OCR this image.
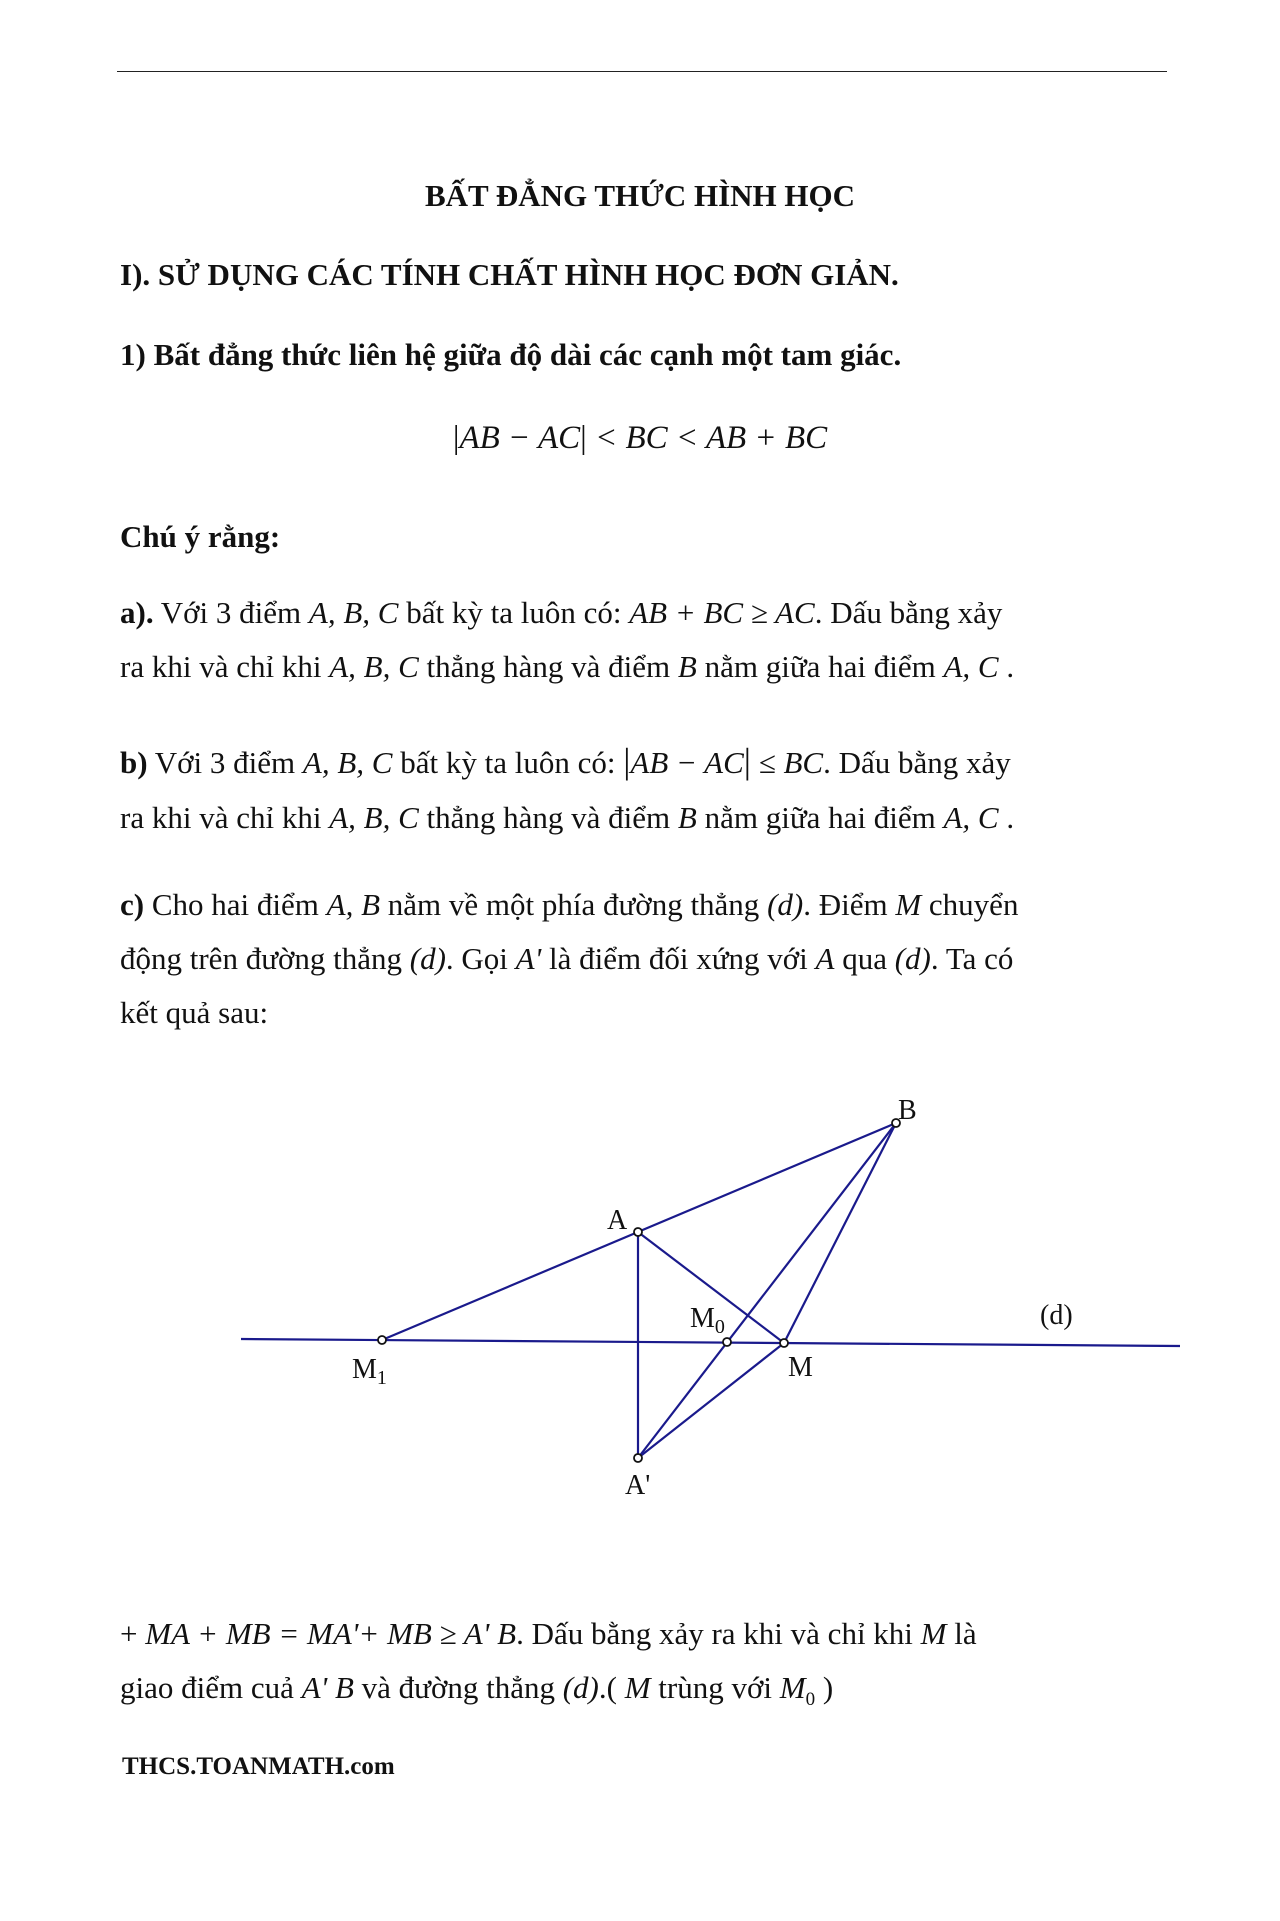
BẤT ĐẲNG THỨC HÌNH HỌC
I). SỬ DỤNG CÁC TÍNH CHẤT HÌNH HỌC ĐƠN GIẢN.
1) Bất đẳng thức liên hệ giữa độ dài các cạnh một tam giác.
|AB − AC| < BC < AB + BC
Chú ý rằng:
a). Với 3 điểm A, B, C bất kỳ ta luôn có: AB + BC ≥ AC. Dấu bằng xảy
ra khi và chỉ khi A, B, C thẳng hàng và điểm B nằm giữa hai điểm A, C .
b) Với 3 điểm A, B, C bất kỳ ta luôn có: |AB − AC| ≤ BC. Dấu bằng xảy
ra khi và chỉ khi A, B, C thẳng hàng và điểm B nằm giữa hai điểm A, C .
c) Cho hai điểm A, B nằm về một phía đường thẳng (d). Điểm M chuyển
động trên đường thẳng (d). Gọi A' là điểm đối xứng với A qua (d). Ta có
kết quả sau:
B
A
$M_0$	(d)
$M_1$	M
A'
+ MA + MB = MA'+ MB ≥ A' B. Dấu bằng xảy ra khi và chỉ khi M là
giao điểm cuả A' B và đường thẳng (d).( M trùng với $M_0$ )
THCS.TOANMATH.com
